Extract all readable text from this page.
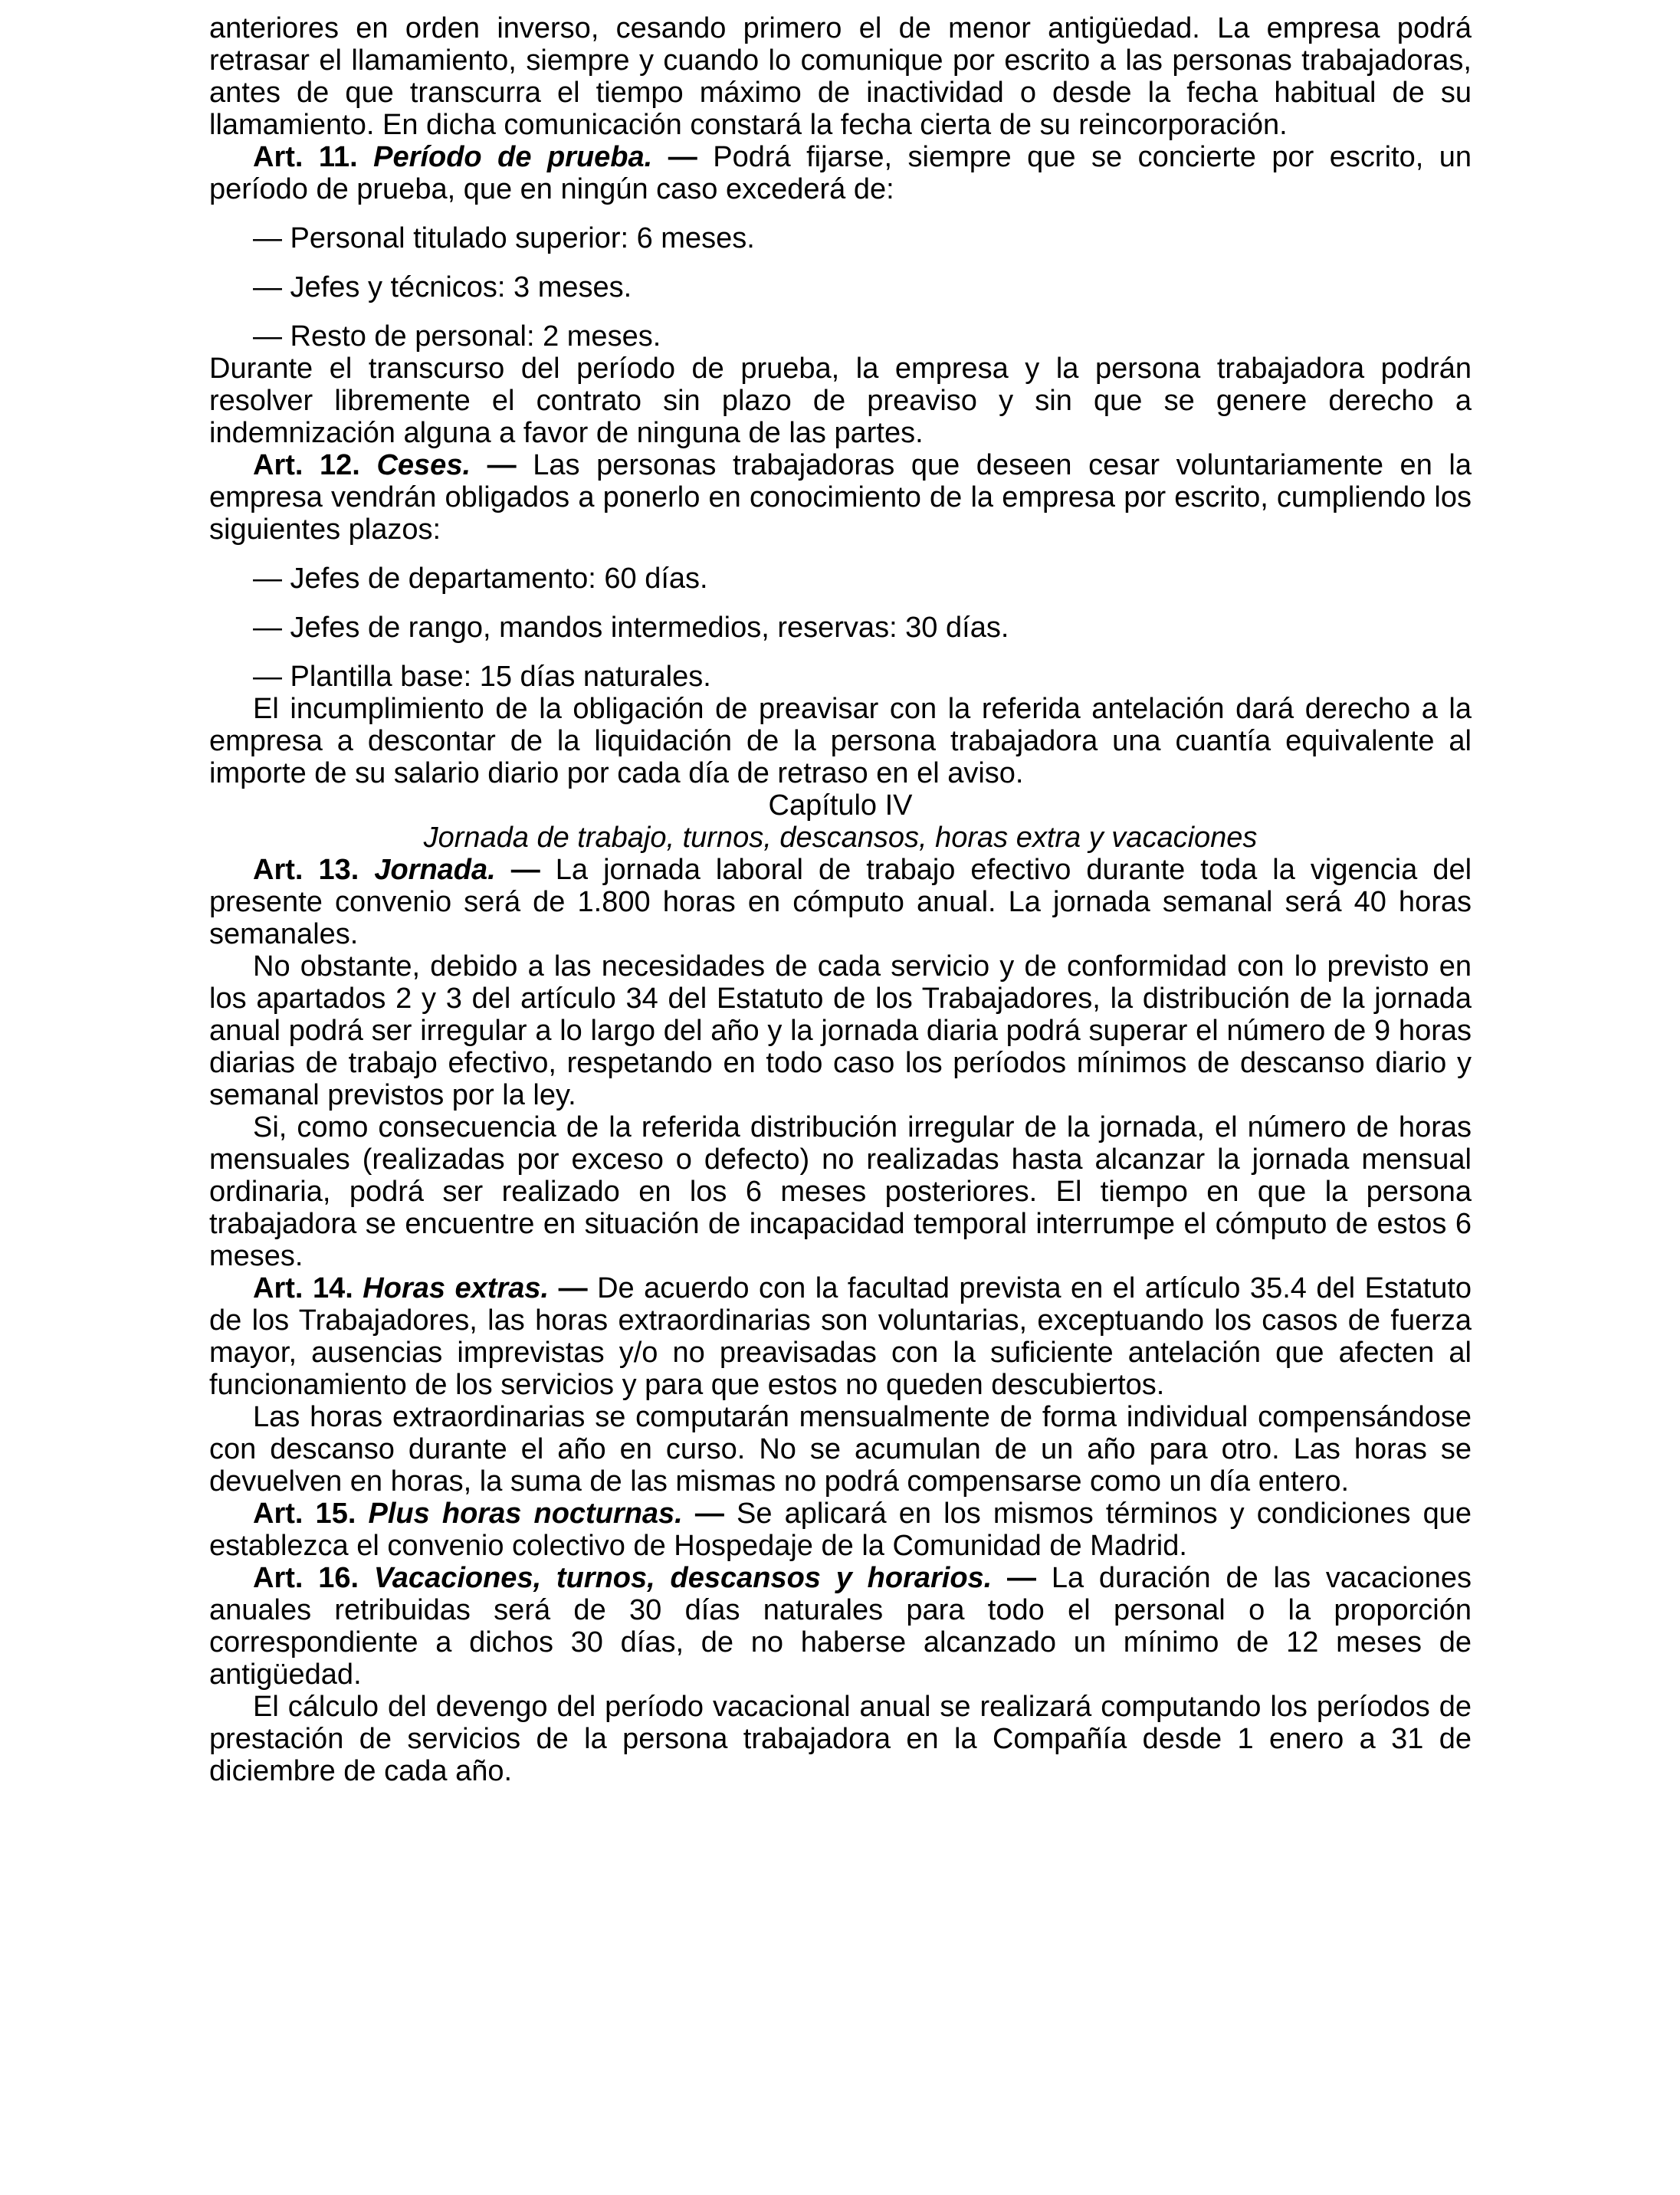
anteriores en orden inverso, cesando primero el de menor antigüedad. La empresa podrá retrasar el llamamiento, siempre y cuando lo comunique por escrito a las personas trabajadoras, antes de que transcurra el tiempo máximo de inactividad o desde la fecha habitual de su llamamiento. En dicha comunicación constará la fecha cierta de su reincorporación.

Art. 11. Período de prueba. — Podrá fijarse, siempre que se concierte por escrito, un período de prueba, que en ningún caso excederá de:

— Personal titulado superior: 6 meses.

— Jefes y técnicos: 3 meses.

— Resto de personal: 2 meses.

Durante el transcurso del período de prueba, la empresa y la persona trabajadora podrán resolver libremente el contrato sin plazo de preaviso y sin que se genere derecho a indemnización alguna a favor de ninguna de las partes.

Art. 12. Ceses. — Las personas trabajadoras que deseen cesar voluntariamente en la empresa vendrán obligados a ponerlo en conocimiento de la empresa por escrito, cumpliendo los siguientes plazos:

— Jefes de departamento: 60 días.

— Jefes de rango, mandos intermedios, reservas: 30 días.

— Plantilla base: 15 días naturales.

El incumplimiento de la obligación de preavisar con la referida antelación dará derecho a la empresa a descontar de la liquidación de la persona trabajadora una cuantía equivalente al importe de su salario diario por cada día de retraso en el aviso.

Capítulo IV

Jornada de trabajo, turnos, descansos, horas extra y vacaciones

Art. 13. Jornada. — La jornada laboral de trabajo efectivo durante toda la vigencia del presente convenio será de 1.800 horas en cómputo anual. La jornada semanal será 40 horas semanales.

No obstante, debido a las necesidades de cada servicio y de conformidad con lo previsto en los apartados 2 y 3 del artículo 34 del Estatuto de los Trabajadores, la distribución de la jornada anual podrá ser irregular a lo largo del año y la jornada diaria podrá superar el número de 9 horas diarias de trabajo efectivo, respetando en todo caso los períodos mínimos de descanso diario y semanal previstos por la ley.

Si, como consecuencia de la referida distribución irregular de la jornada, el número de horas mensuales (realizadas por exceso o defecto) no realizadas hasta alcanzar la jornada mensual ordinaria, podrá ser realizado en los 6 meses posteriores. El tiempo en que la persona trabajadora se encuentre en situación de incapacidad temporal interrumpe el cómputo de estos 6 meses.

Art. 14. Horas extras. — De acuerdo con la facultad prevista en el artículo 35.4 del Estatuto de los Trabajadores, las horas extraordinarias son voluntarias, exceptuando los casos de fuerza mayor, ausencias imprevistas y/o no preavisadas con la suficiente antelación que afecten al funcionamiento de los servicios y para que estos no queden descubiertos.

Las horas extraordinarias se computarán mensualmente de forma individual compensándose con descanso durante el año en curso. No se acumulan de un año para otro. Las horas se devuelven en horas, la suma de las mismas no podrá compensarse como un día entero.

Art. 15. Plus horas nocturnas. — Se aplicará en los mismos términos y condiciones que establezca el convenio colectivo de Hospedaje de la Comunidad de Madrid.

Art. 16. Vacaciones, turnos, descansos y horarios. — La duración de las vacaciones anuales retribuidas será de 30 días naturales para todo el personal o la proporción correspondiente a dichos 30 días, de no haberse alcanzado un mínimo de 12 meses de antigüedad.

El cálculo del devengo del período vacacional anual se realizará computando los períodos de prestación de servicios de la persona trabajadora en la Compañía desde 1 enero a 31 de diciembre de cada año.
